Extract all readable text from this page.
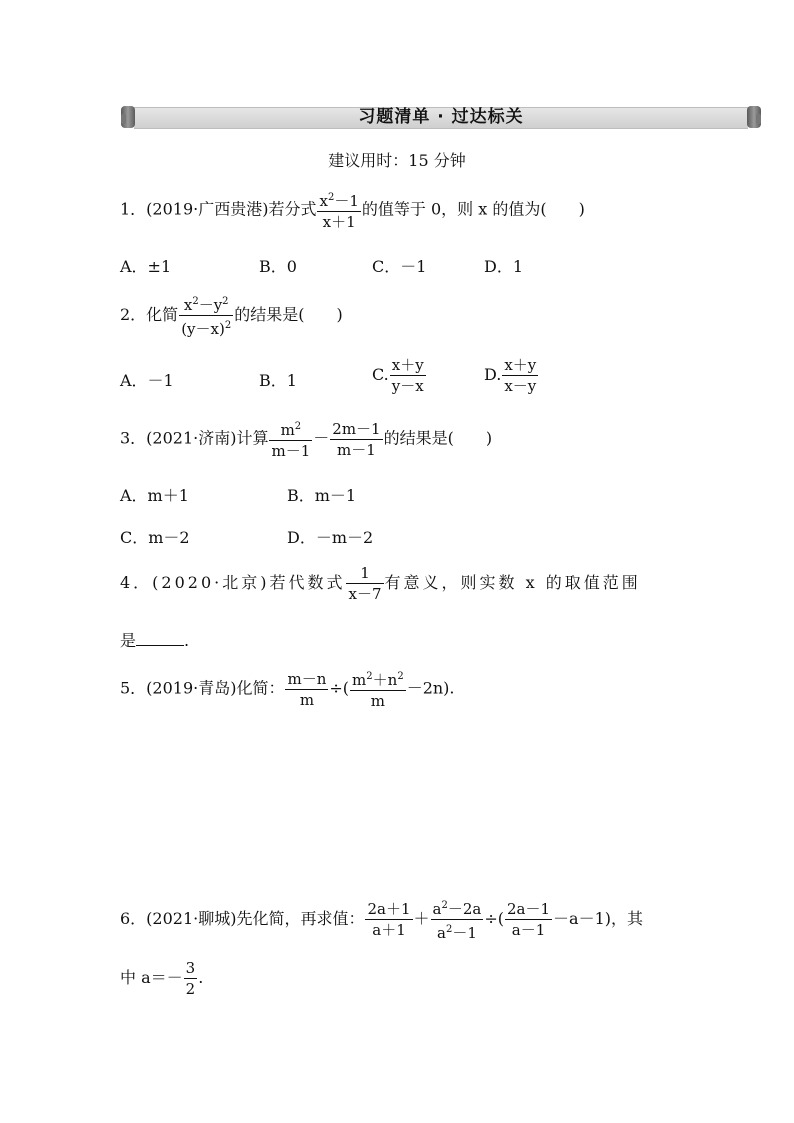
习题清单 · 过达标关
建议用时：15 分钟
1．(2019·广西贵港)若分式 $\frac{x^2-1}{x+1}$ 的值等于 0，则 x 的值为(　　)
A．±1	B．0	C．－1	D．1
2．化简 $\frac{x^2-y^2}{(y-x)^2}$ 的结果是(　　)
A．－1	B．1	C. $\frac{x+y}{y-x}$	D. $\frac{x+y}{x-y}$
3．(2021·济南)计算 $\frac{m^2}{m-1} - \frac{2m-1}{m-1}$ 的结果是(　　)
A．m＋1	B．m－1
C．m－2	D．－m－2
4．(2020·北京)若代数式 $\frac{1}{x-7}$ 有意义，则实数 x 的取值范围
是	.
5．(2019·青岛)化简： $\frac{m-n}{m}$ ÷( $\frac{m^2+n^2}{m} -2n$).
6．(2021·聊城)先化简，再求值： $\frac{2a+1}{a+1} + \frac{a^2-2a}{a^2-1}$ ÷( $\frac{2a-1}{a-1} -a-1$)，其
中 $a=- \frac{3}{2}$ .
